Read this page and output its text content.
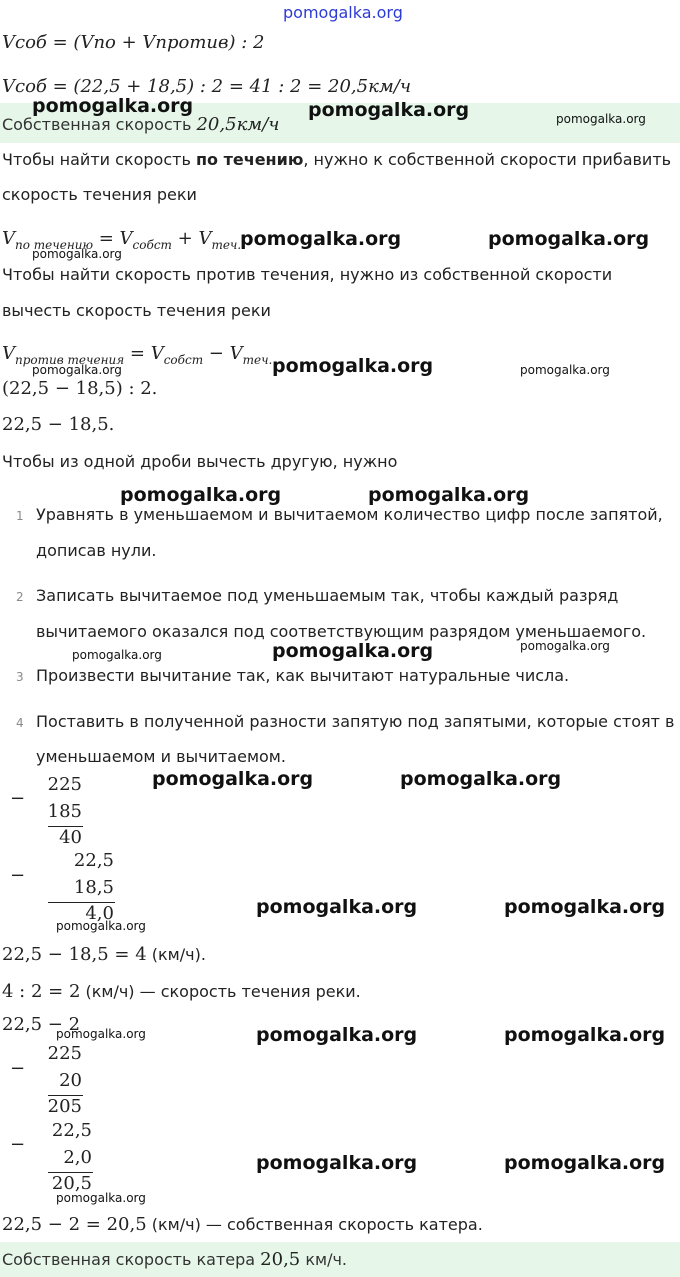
pomogalka.org
Vсоб = (Vпо + Vпротив) : 2
Vсоб = (22,5 + 18,5) : 2 = 41 : 2 = 20,5км/ч
Собственная скорость 20,5км/ч
Чтобы найти скорость по течению, нужно к собственной скорости прибавить
скорость течения реки
$V_{по течению} = V_{собст} + V_{теч.}$
Чтобы найти скорость против течения, нужно из собственной скорости
вычесть скорость течения реки
$V_{против течения} = V_{собст} - V_{теч.}$
(22,5 − 18,5) : 2.
22,5 − 18,5.
Чтобы из одной дроби вычесть другую, нужно
1 Уравнять в уменьшаемом и вычитаемом количество цифр после запятой,
дописав нули.
2 Записать вычитаемое под уменьшаемым так, чтобы каждый разряд
вычитаемого оказался под соответствующим разрядом уменьшаемого.
3 Произвести вычитание так, как вычитают натуральные числа.
4 Поставить в полученной разности запятую под запятыми, которые стоят в
уменьшаемом и вычитаемом.
−
225
185
40
−
22,5
18,5
4,0
22,5 − 18,5 = 4 (км/ч).
4 : 2 = 2 (км/ч) — скорость течения реки.
22,5 − 2
−
225
20
205
−
22,5
2,0
20,5
22,5 − 2 = 20,5 (км/ч) — собственная скорость катера.
Собственная скорость катера 20,5 км/ч.
pomogalka.org	pomogalka.org	pomogalka.org
pomogalka.org	pomogalka.org
pomogalka.org
pomogalka.org
pomogalka.org	pomogalka.org
pomogalka.org	pomogalka.org
pomogalka.org	pomogalka.org
pomogalka.org
pomogalka.org	pomogalka.org
pomogalka.org	pomogalka.org
pomogalka.org
pomogalka.org	pomogalka.org
pomogalka.org
pomogalka.org	pomogalka.org
pomogalka.org
